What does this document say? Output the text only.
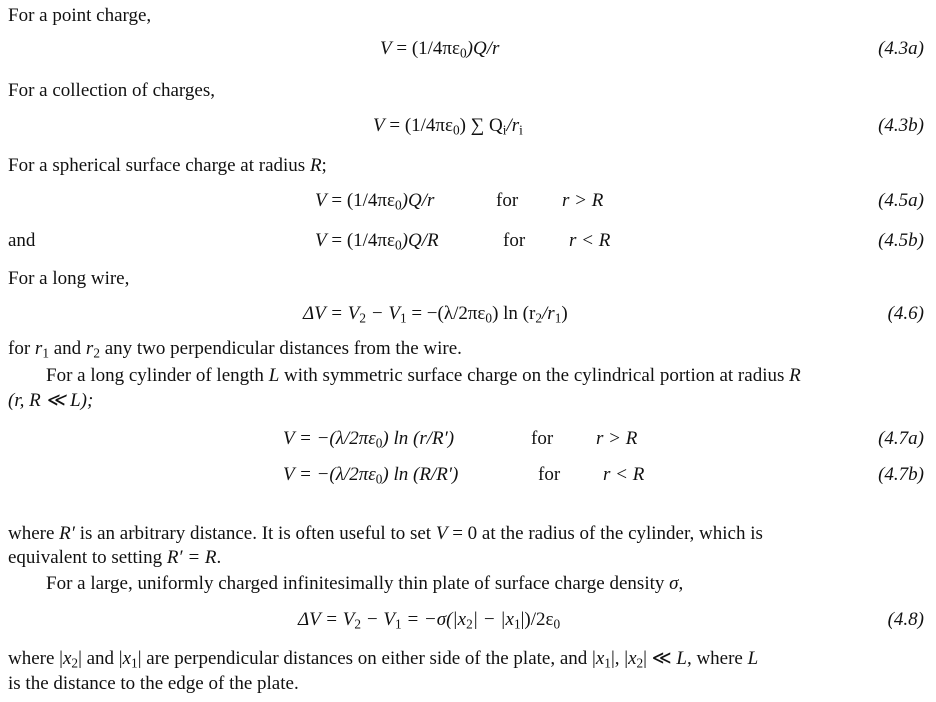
For a point charge,
$V = (1/4\pi\varepsilon_0)Q/r$	(4.3a)
For a collection of charges,
$V = (1/4\pi\varepsilon_0)$ ∑ $Q_i/r_i$	(4.3b)
For a spherical surface charge at radius R;
$V = (1/4\pi\varepsilon_0)Q/r$	for r > R	(4.5a)
and	$V = (1/4\pi\varepsilon_0)Q/R$	for r < R	(4.5b)
For a long wire,
$\Delta V = V_2 - V_1 = -(\lambda/2\pi\varepsilon_0)$ $\ln (r_2/r_1)$	(4.6)
for $r_1$ and $r_2$ any two perpendicular distances from the wire.
For a long cylinder of length L with symmetric surface charge on the cylindrical portion at radius R
(r, R ≪ L);
$V = -(\lambda/2\pi\varepsilon_0)$ ln (r/R′)	for r > R	(4.7a)
$V = -(\lambda/2\pi\varepsilon_0)$ ln (R/R′)	for r < R	(4.7b)
where R′ is an arbitrary distance. It is often useful to set V = 0 at the radius of the cylinder, which is
equivalent to setting R′ = R.
For a large, uniformly charged infinitesimally thin plate of surface charge density σ,
$\Delta V = V_2 - V_1 = -\sigma(|x_2| - |x_1|)/2\varepsilon_0$	(4.8)
where $|x_2|$ and $|x_1|$ are perpendicular distances on either side of the plate, and $|x_1|$, $|x_2|$ ≪ L, where L
is the distance to the edge of the plate.
